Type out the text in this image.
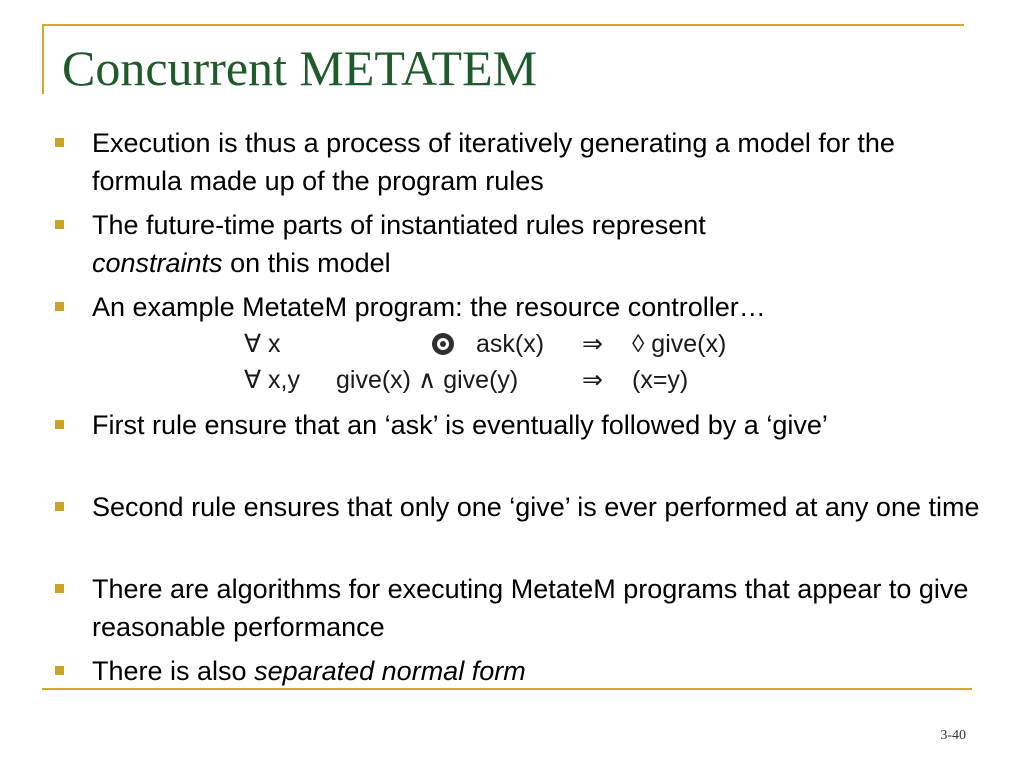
Concurrent METATEM
Execution is thus a process of iteratively generating a model for the formula made up of the program rules
The future-time parts of instantiated rules represent
constraints on this model
An example MetateM program: the resource controller…
First rule ensure that an ‘ask’ is eventually followed by a ‘give’
Second rule ensures that only one ‘give’ is ever performed at any one time
There are algorithms for executing MetateM programs that appear to give reasonable performance
There is also separated normal form
∀ x	ask(x) ⇒ ◊ give(x)
∀ x,y give(x) ∧ give(y)	⇒ (x=y)
3-40
